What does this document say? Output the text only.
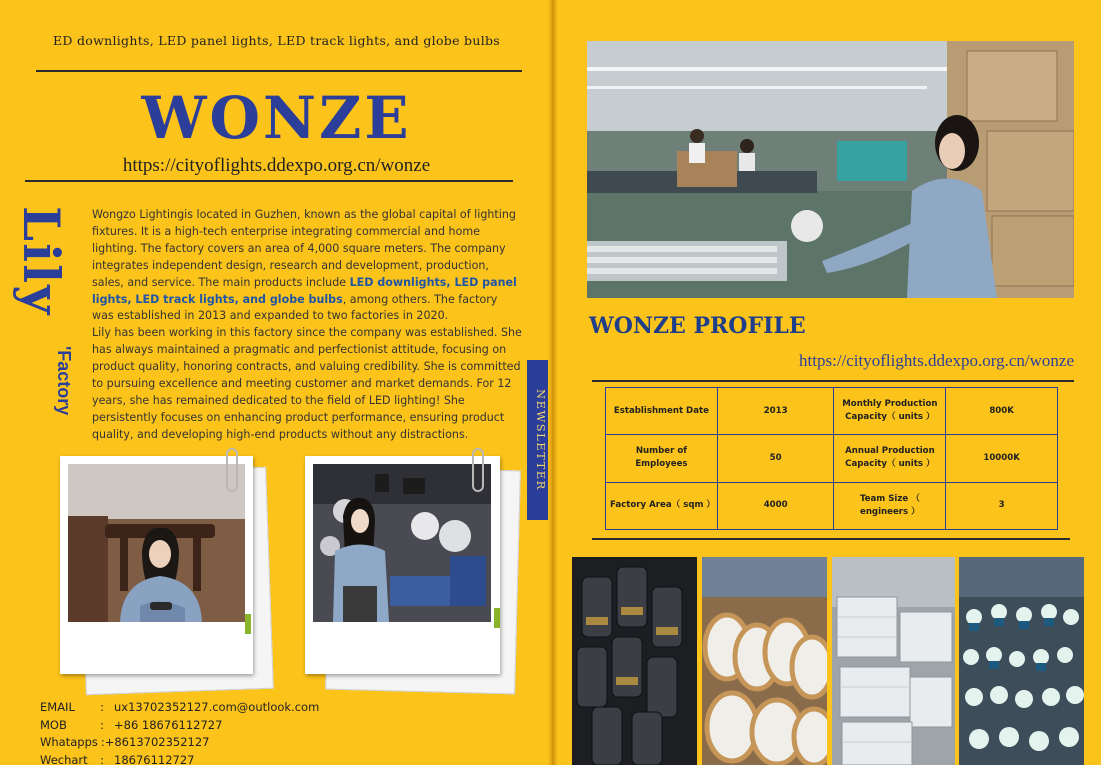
ED downlights, LED panel lights, LED track lights, and globe bulbs
WONZE
https://cityoflights.ddexpo.org.cn/wonze
Lily
'Factory

Wongzo Lightingis located in Guzhen, known as the global capital of lighting fixtures. It is a high-tech enterprise integrating commercial and home lighting. The factory covers an area of 4,000 square meters. The company integrates independent design, research and development, production, sales, and service. The main products include LED downlights, LED panel lights, LED track lights, and globe bulbs, among others. The factory was established in 2013 and expanded to two factories in 2020.

Lily has been working in this factory since the company was established. She has always maintained a pragmatic and perfectionist attitude, focusing on product quality, honoring contracts, and valuing credibility. She is committed to pursuing excellence and meeting customer and market demands. For 12 years, she has remained dedicated to the field of LED lighting! She persistently focuses on enhancing product performance, ensuring product quality, and developing high-end products without any distractions.	NEWSLETTER
EMAIL	: ux13702352127.com@outlook.com
MOB	: +86 18676112727
Whatapps : +8613702352127
Wechart	: 18676112727
WONZE PROFILE
https://cityoflights.ddexpo.org.cn/wonze
Establishment Date	2013	Monthly Production Capacity（ units ）	800K
Number of Employees	50	Annual Production Capacity（ units ）	10000K
Factory Area（ sqm ）	4000	Team Size （ engineers ）	3
